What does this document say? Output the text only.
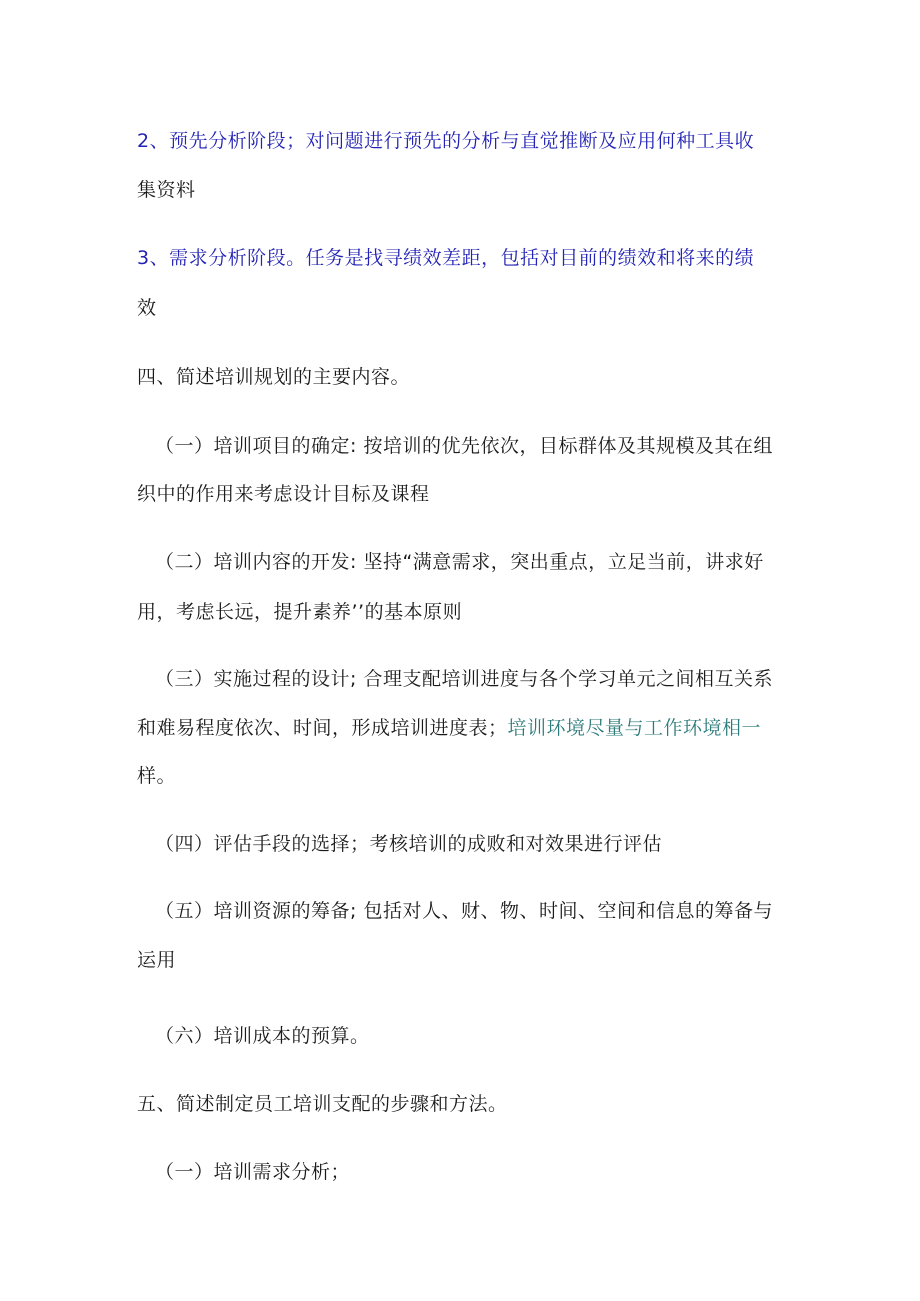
2、预先分析阶段；对问题进行预先的分析与直觉推断及应用何种工具收
集资料
3、需求分析阶段。任务是找寻绩效差距，包括对目前的绩效和将来的绩
效
四、简述培训规划的主要内容。
（一）培训项目的确定: 按培训的优先依次，目标群体及其规模及其在组
织中的作用来考虑设计目标及课程
（二）培训内容的开发: 坚持“满意需求，突出重点，立足当前，讲求好
用，考虑长远，提升素养’’的基本原则
（三）实施过程的设计; 合理支配培训进度与各个学习单元之间相互关系
和难易程度依次、时间，形成培训进度表；培训环境尽量与工作环境相一
样。
（四）评估手段的选择；考核培训的成败和对效果进行评估
（五）培训资源的筹备; 包括对人、财、物、时间、空间和信息的筹备与
运用
（六）培训成本的预算。
五、简述制定员工培训支配的步骤和方法。
（一）培训需求分析；
